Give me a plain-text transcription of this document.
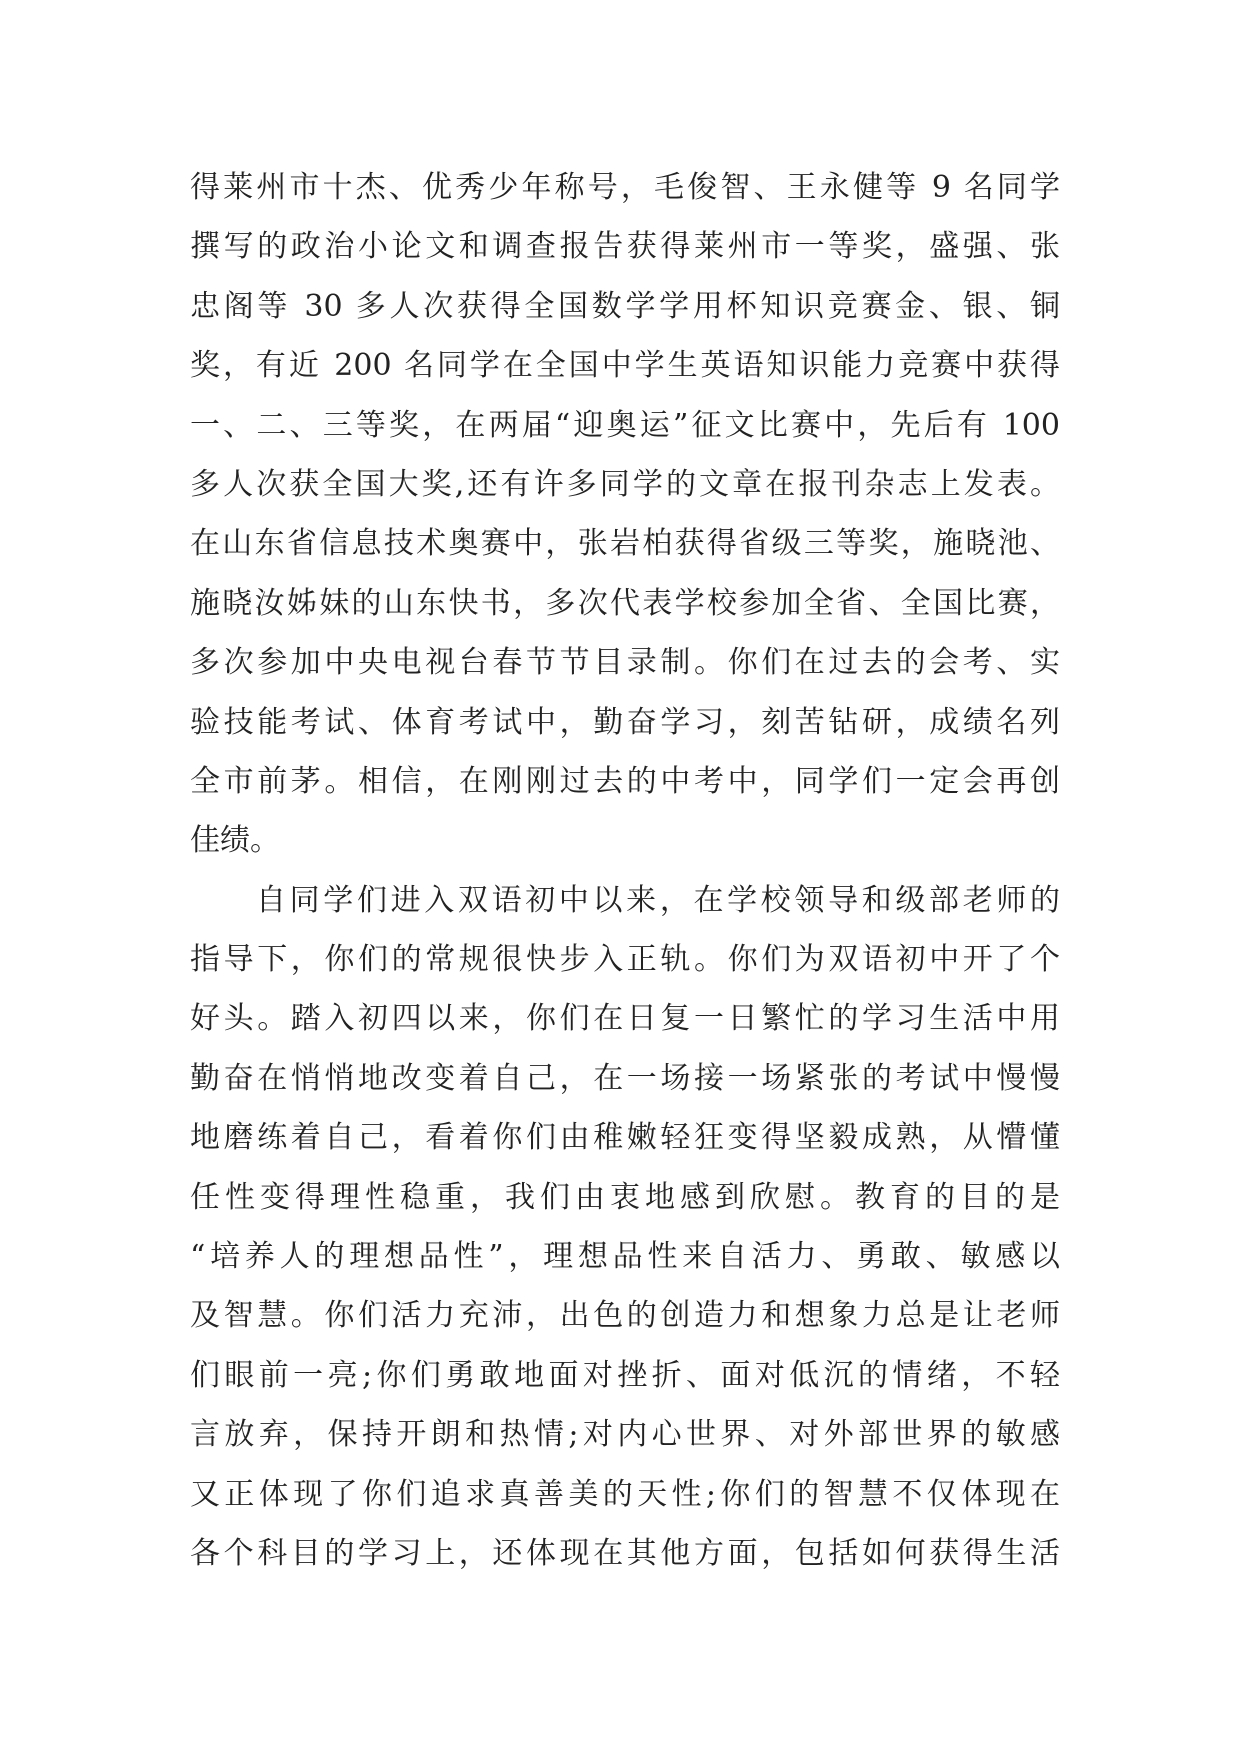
得莱州市十杰、优秀少年称号，毛俊智、王永健等 9 名同学
撰写的政治小论文和调查报告获得莱州市一等奖，盛强、张
忠阁等 30 多人次获得全国数学学用杯知识竞赛金、银、铜
奖，有近 200 名同学在全国中学生英语知识能力竞赛中获得
一、二、三等奖，在两届“迎奥运”征文比赛中，先后有 100
多人次获全国大奖,还有许多同学的文章在报刊杂志上发表。
在山东省信息技术奥赛中，张岩柏获得省级三等奖，施晓池、
施晓汝姊妹的山东快书，多次代表学校参加全省、全国比赛，
多次参加中央电视台春节节目录制。你们在过去的会考、实
验技能考试、体育考试中，勤奋学习，刻苦钻研，成绩名列
全市前茅。相信，在刚刚过去的中考中，同学们一定会再创
佳绩。
自同学们进入双语初中以来，在学校领导和级部老师的
指导下，你们的常规很快步入正轨。你们为双语初中开了个
好头。踏入初四以来，你们在日复一日繁忙的学习生活中用
勤奋在悄悄地改变着自己，在一场接一场紧张的考试中慢慢
地磨练着自己，看着你们由稚嫩轻狂变得坚毅成熟，从懵懂
任性变得理性稳重，我们由衷地感到欣慰。教育的目的是
“培养人的理想品性”，理想品性来自活力、勇敢、敏感以
及智慧。你们活力充沛，出色的创造力和想象力总是让老师
们眼前一亮;你们勇敢地面对挫折、面对低沉的情绪，不轻
言放弃，保持开朗和热情;对内心世界、对外部世界的敏感
又正体现了你们追求真善美的天性;你们的智慧不仅体现在
各个科目的学习上，还体现在其他方面，包括如何获得生活
